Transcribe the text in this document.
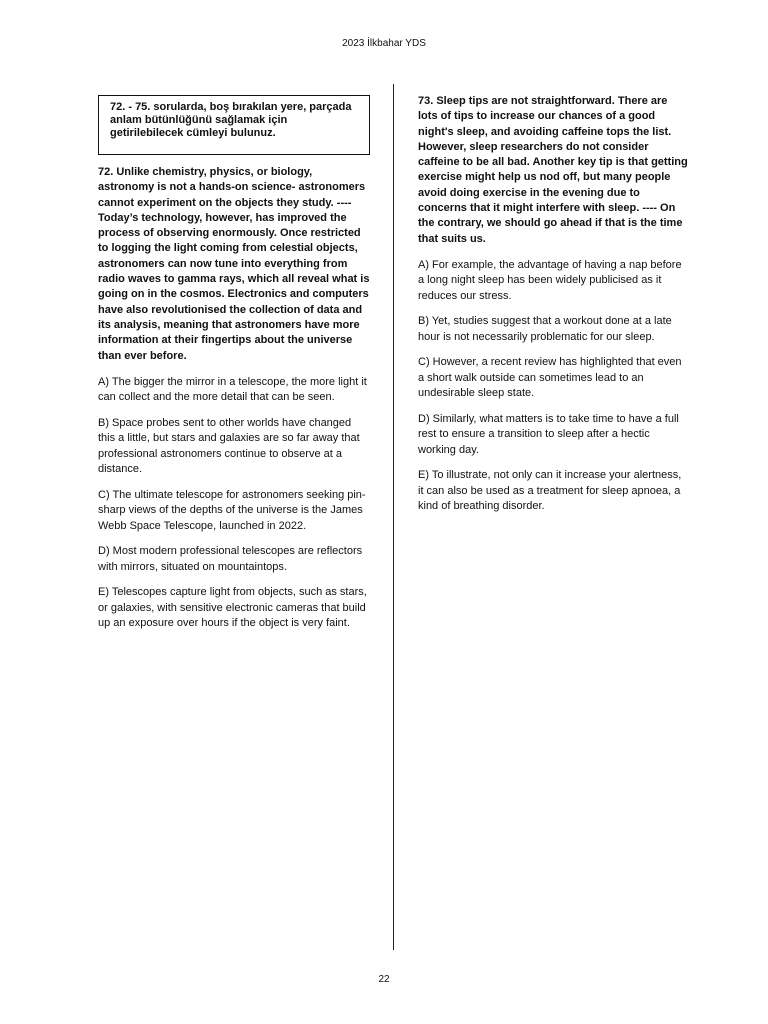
2023 İlkbahar YDS

72. - 75. sorularda, boş bırakılan yere, parçada anlam bütünlüğünü sağlamak için getirilebilecek cümleyi bulunuz.

72. Unlike chemistry, physics, or biology, astronomy is not a hands-on science- astronomers cannot experiment on the objects they study. ---- Today’s technology, however, has improved the process of observing enormously. Once restricted to logging the light coming from celestial objects, astronomers can now tune into everything from radio waves to gamma rays, which all reveal what is going on in the cosmos. Electronics and computers have also revolutionised the collection of data and its analysis, meaning that astronomers have more information at their fingertips about the universe than ever before.

A) The bigger the mirror in a telescope, the more light it can collect and the more detail that can be seen.

B) Space probes sent to other worlds have changed this a little, but stars and galaxies are so far away that professional astronomers continue to observe at a distance.

C) The ultimate telescope for astronomers seeking pin-sharp views of the depths of the universe is the James Webb Space Telescope, launched in 2022.

D) Most modern professional telescopes are reflectors with mirrors, situated on mountaintops.

E) Telescopes capture light from objects, such as stars, or galaxies, with sensitive electronic cameras that build up an exposure over hours if the object is very faint.

73. Sleep tips are not straightforward. There are lots of tips to increase our chances of a good night's sleep, and avoiding caffeine tops the list. However, sleep researchers do not consider caffeine to be all bad. Another key tip is that getting exercise might help us nod off, but many people avoid doing exercise in the evening due to concerns that it might interfere with sleep. ---- On the contrary, we should go ahead if that is the time that suits us.

A) For example, the advantage of having a nap before a long night sleep has been widely publicised as it reduces our stress.

B) Yet, studies suggest that a workout done at a late hour is not necessarily problematic for our sleep.

C) However, a recent review has highlighted that even a short walk outside can sometimes lead to an undesirable sleep state.

D) Similarly, what matters is to take time to have a full rest to ensure a transition to sleep after a hectic working day.

E) To illustrate, not only can it increase your alertness, it can also be used as a treatment for sleep apnoea, a kind of breathing disorder.

22
